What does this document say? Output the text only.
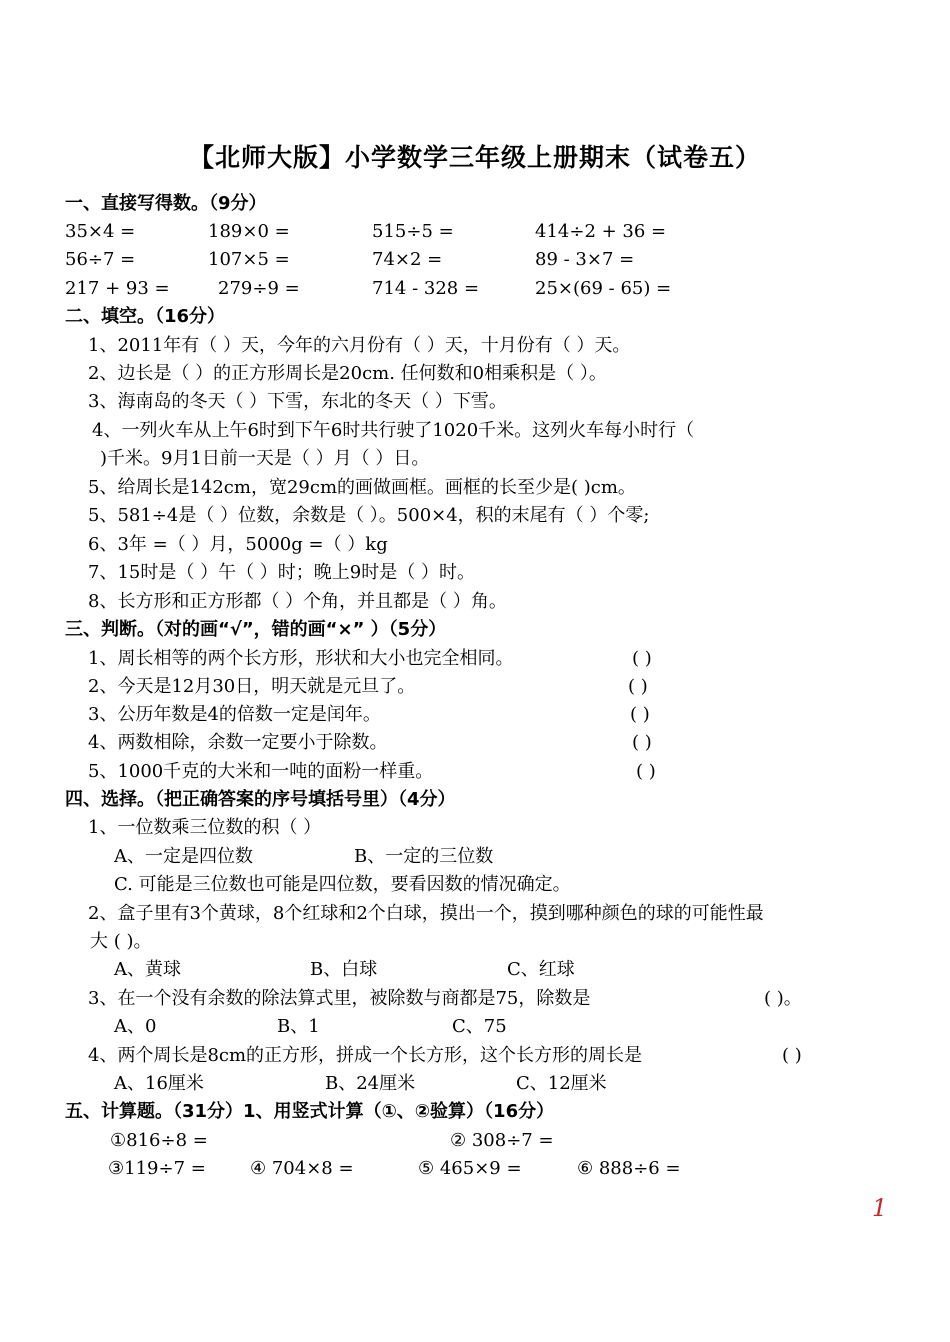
【北师大版】小学数学三年级上册期末（试卷五）
一、直接写得数。（9分）
35×4 =	189×0 =	515÷5 =	414÷2 + 36 =
56÷7 =	107×5 =	74×2 =	89 - 3×7 =
217 + 93 =	279÷9 =	714 - 328 =	25×(69 - 65) =
二、填空。（16分）
1、2011年有（ ）天，今年的六月份有（ ）天，十月份有（ ）天。
2、边长是（ ）的正方形周长是20cm. 任何数和0相乘积是（ ）。
3、海南岛的冬天（ ）下雪，东北的冬天（ ）下雪。
4、一列火车从上午6时到下午6时共行驶了1020千米。这列火车每小时行（
)千米。9月1日前一天是（ ）月（ ）日。
5、给周长是142cm，宽29cm的画做画框。画框的长至少是( )cm。
5、581÷4是（ ）位数，余数是（ ）。500×4，积的末尾有（ ）个零;
6、3年 =（ ）月，5000g =（ ）kg
7、15时是（ ）午（ ）时；晚上9时是（ ）时。
8、长方形和正方形都（ ）个角，并且都是（ ）角。
三、判断。（对的画“√”，错的画“×” ）（5分）
1、周长相等的两个长方形，形状和大小也完全相同。	( )
2、今天是12月30日，明天就是元旦了。	( )
3、公历年数是4的倍数一定是闰年。	( )
4、两数相除，余数一定要小于除数。	( )
5、1000千克的大米和一吨的面粉一样重。	( )
四、选择。（把正确答案的序号填括号里）（4分）
1、一位数乘三位数的积（ ）
A、一定是四位数	B、一定的三位数
C. 可能是三位数也可能是四位数，要看因数的情况确定。
2、盒子里有3个黄球，8个红球和2个白球，摸出一个，摸到哪种颜色的球的可能性最
大 ( )。
A、黄球	B、白球	C、红球
3、在一个没有余数的除法算式里，被除数与商都是75，除数是	( )。
A、0	B、1	C、75
4、两个周长是8cm的正方形，拼成一个长方形，这个长方形的周长是	( )
A、16厘米	B、24厘米	C、12厘米
五、计算题。（31分）1、用竖式计算（①、②验算）（16分）
①816÷8 =	② 308÷7 =
③119÷7 = ④ 704×8 =	⑤ 465×9 =	⑥ 888÷6 =
1
